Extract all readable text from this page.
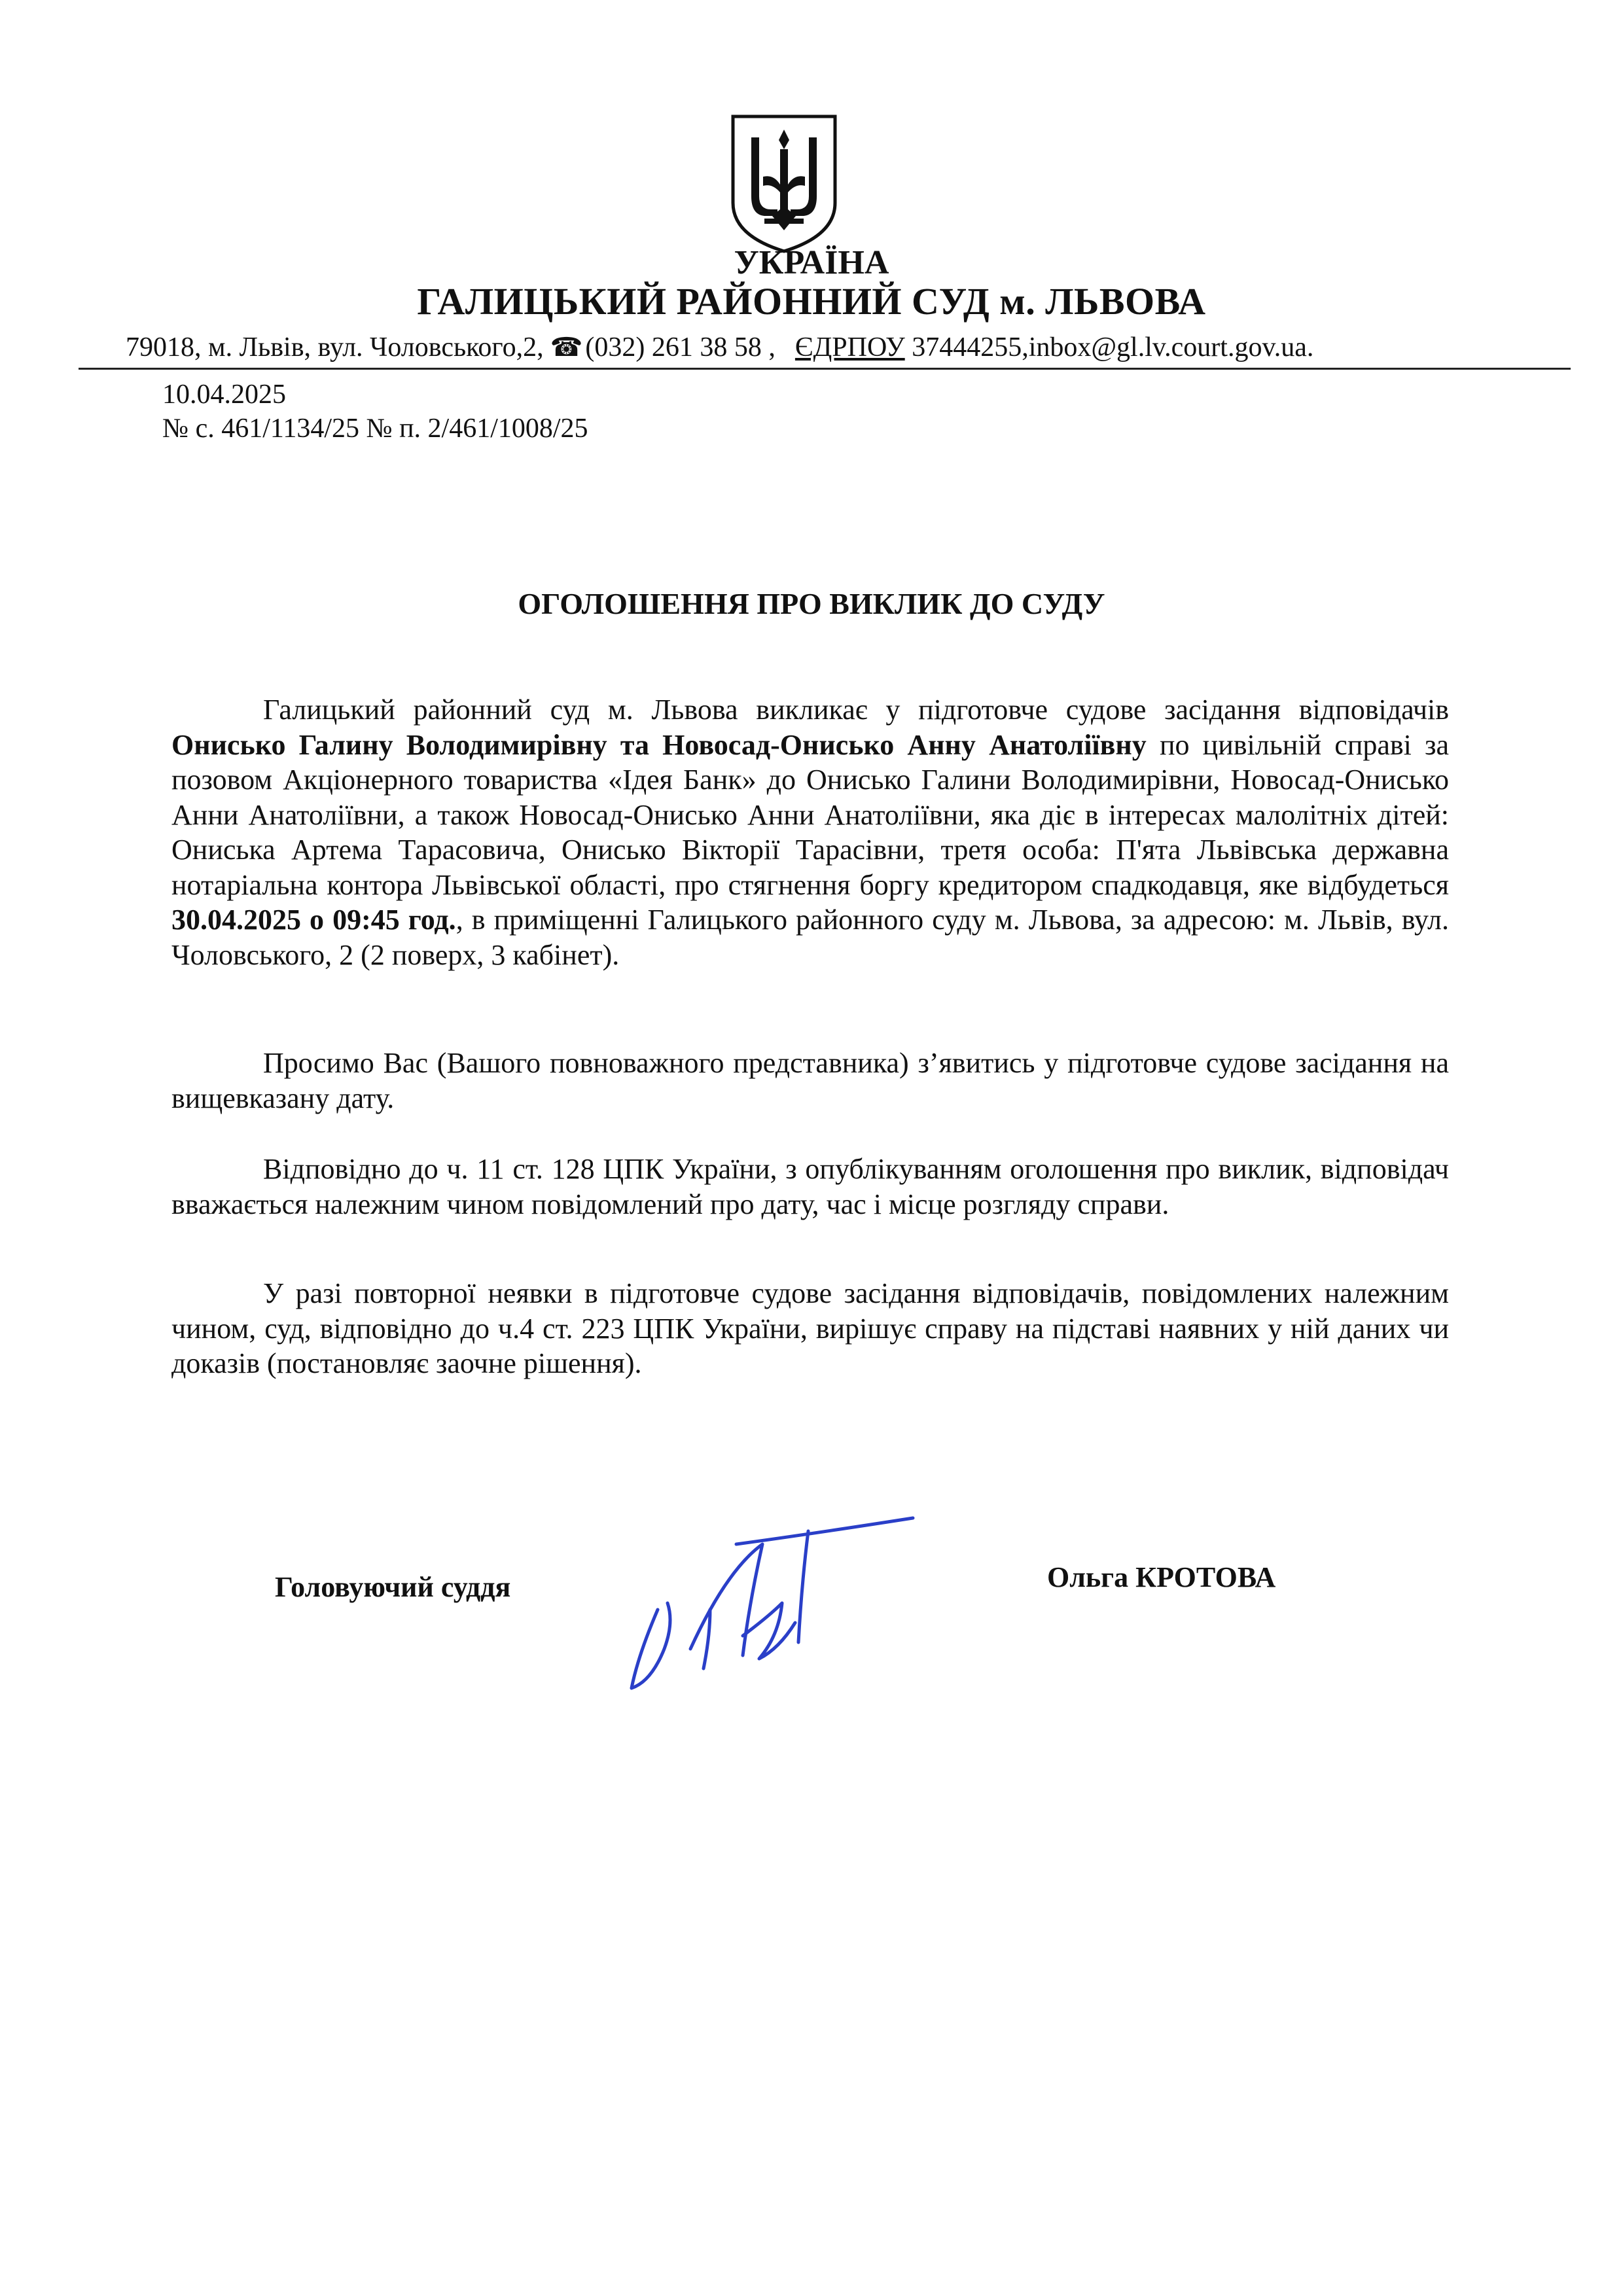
УКРАЇНА
ГАЛИЦЬКИЙ РАЙОННИЙ СУД м. ЛЬВОВА
79018, м. Львів, вул. Чоловського,2, ☎(032) 261 38 58 , ЄДРПОУ 37444255,inbox@gl.lv.court.gov.ua.
10.04.2025
№ с. 461/1134/25 № п. 2/461/1008/25
ОГОЛОШЕННЯ ПРО ВИКЛИК ДО СУДУ
Галицький районний суд м. Львова викликає у підготовче судове засідання відповідачів Онисько Галину Володимирівну та Новосад-Онисько Анну Анатоліївну по цивільній справі за позовом Акціонерного товариства «Ідея Банк» до Онисько Галини Володимирівни, Новосад-Онисько Анни Анатоліївни, а також Новосад-Онисько Анни Анатоліївни, яка діє в інтересах малолітніх дітей: Ониська Артема Тарасовича, Онисько Вікторії Тарасівни, третя особа: П'ята Львівська державна нотаріальна контора Львівської області, про стягнення боргу кредитором спадкодавця, яке відбудеться 30.04.2025 о 09:45 год., в приміщенні Галицького районного суду м. Львова, за адресою: м. Львів, вул. Чоловського, 2 (2 поверх, 3 кабінет).
Просимо Вас (Вашого повноважного представника) з’явитись у підготовче судове засідання на вищевказану дату.
Відповідно до ч. 11 ст. 128 ЦПК України, з опублікуванням оголошення про виклик, відповідач вважається належним чином повідомлений про дату, час і місце розгляду справи.
У разі повторної неявки в підготовче судове засідання відповідачів, повідомлених належним чином, суд, відповідно до ч.4 ст. 223 ЦПК України, вирішує справу на підставі наявних у ній даних чи доказів (постановляє заочне рішення).
Головуючий суддя	Ольга КРОТОВА
